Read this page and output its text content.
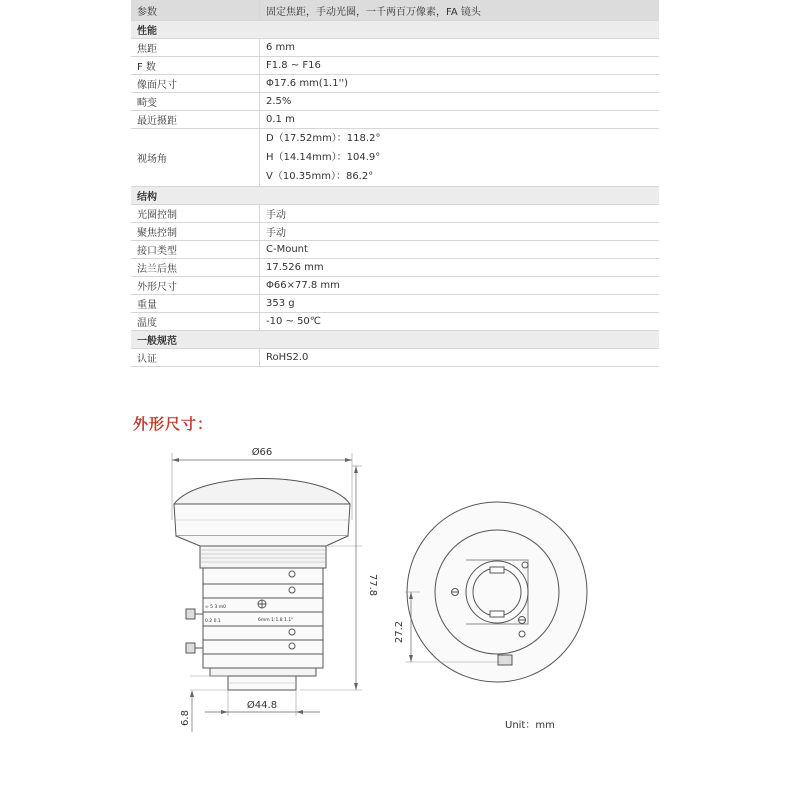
参数	固定焦距，手动光圈，一千两百万像素，FA 镜头
性能	
焦距	6 mm
F 数	F1.8 ~ F16
像面尺寸	Φ17.6 mm(1.1'')
畸变	2.5%
最近摄距	0.1 m
视场角	D（17.52mm）：118.2°
H（14.14mm）：104.9°
V（10.35mm）：86.2°

结构	
光圈控制	手动
聚焦控制	手动
接口类型	C-Mount
法兰后焦	17.526 mm
外形尺寸	Φ66×77.8 mm
重量	353 g
温度	-10 ~ 50℃
一般规范	
认证	RoHS2.0
外形尺寸：
Ø66
77.8
Ø44.8
6.8
∞ 5 3 m0
0.2 0.1	6mm 1:1.8 1.1"
27.2
Unit：mm
